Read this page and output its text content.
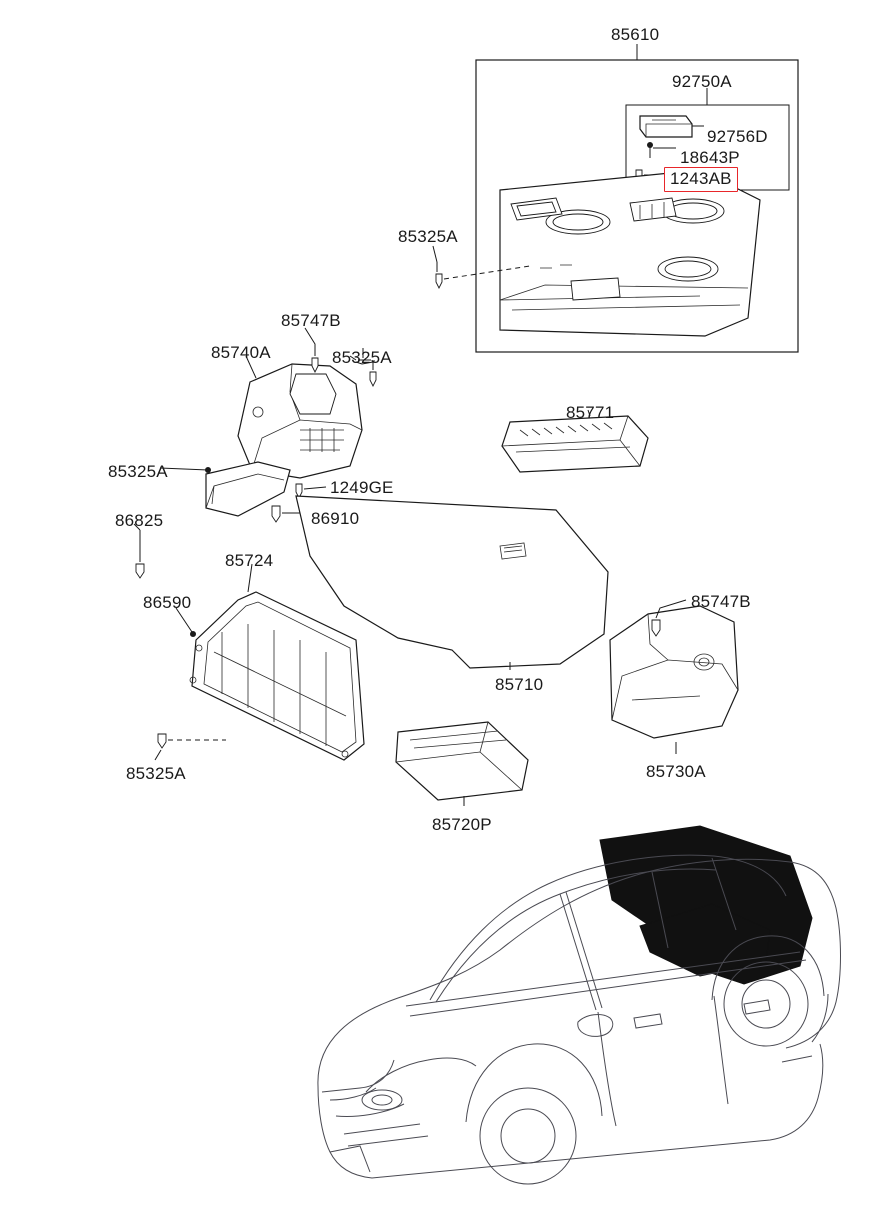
85610
92750A
92756D
18643P
1243AB
85325A
85747B
85740A	85325A
85771
85325A
1249GE
86910
86825
85724
86590	85747B
85710
85730A
85325A
85720P
